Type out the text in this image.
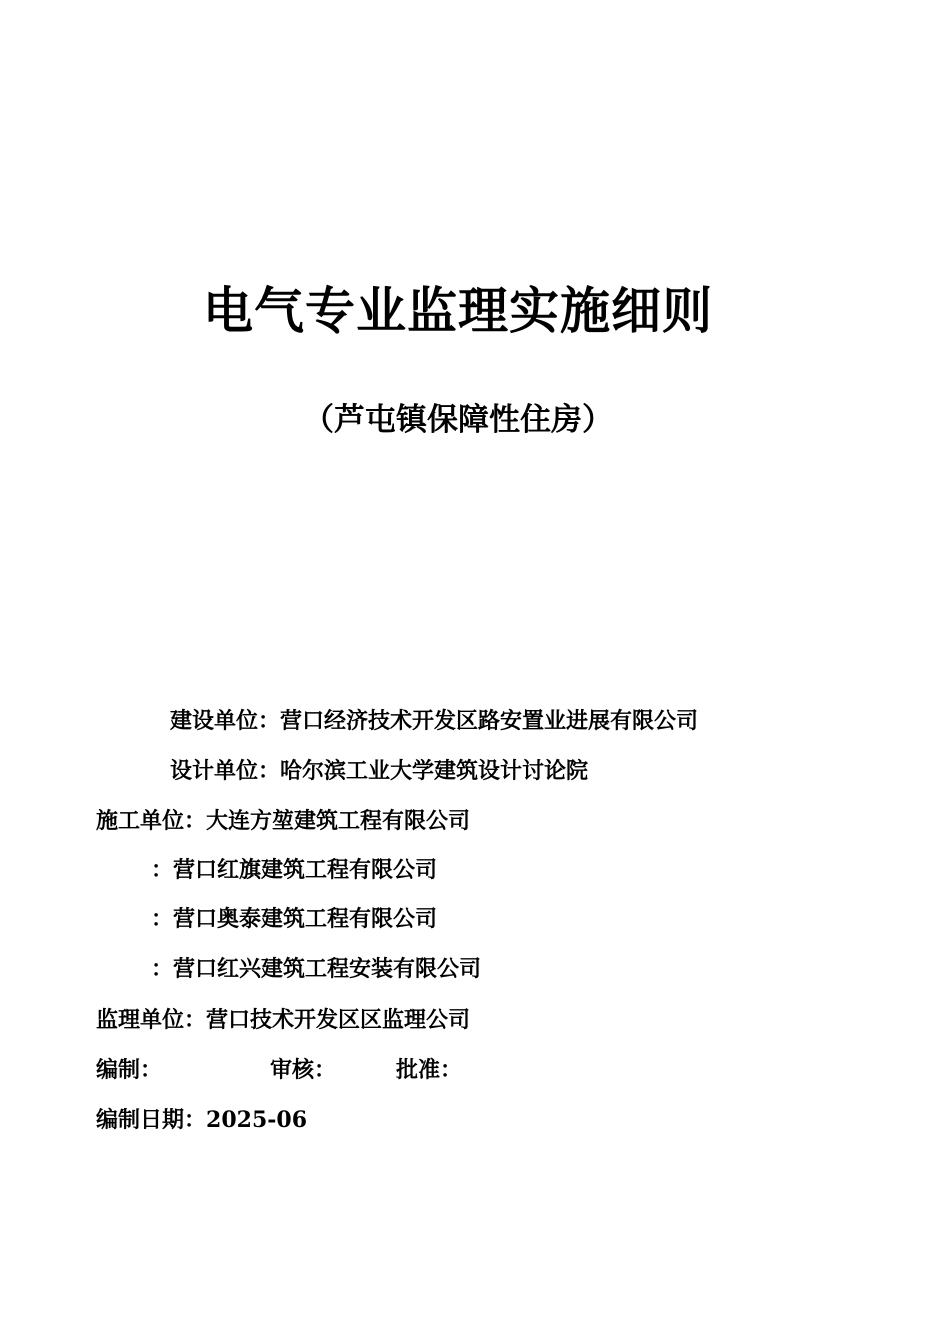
电气专业监理实施细则
（芦屯镇保障性住房）
建设单位：营口经济技术开发区路安置业进展有限公司
设计单位：哈尔滨工业大学建筑设计讨论院
施工单位：大连方堃建筑工程有限公司
：营口红旗建筑工程有限公司
：营口奥泰建筑工程有限公司
：营口红兴建筑工程安装有限公司
监理单位：营口技术开发区区监理公司
编制：	审核：	批准：
编制日期：2025-06
